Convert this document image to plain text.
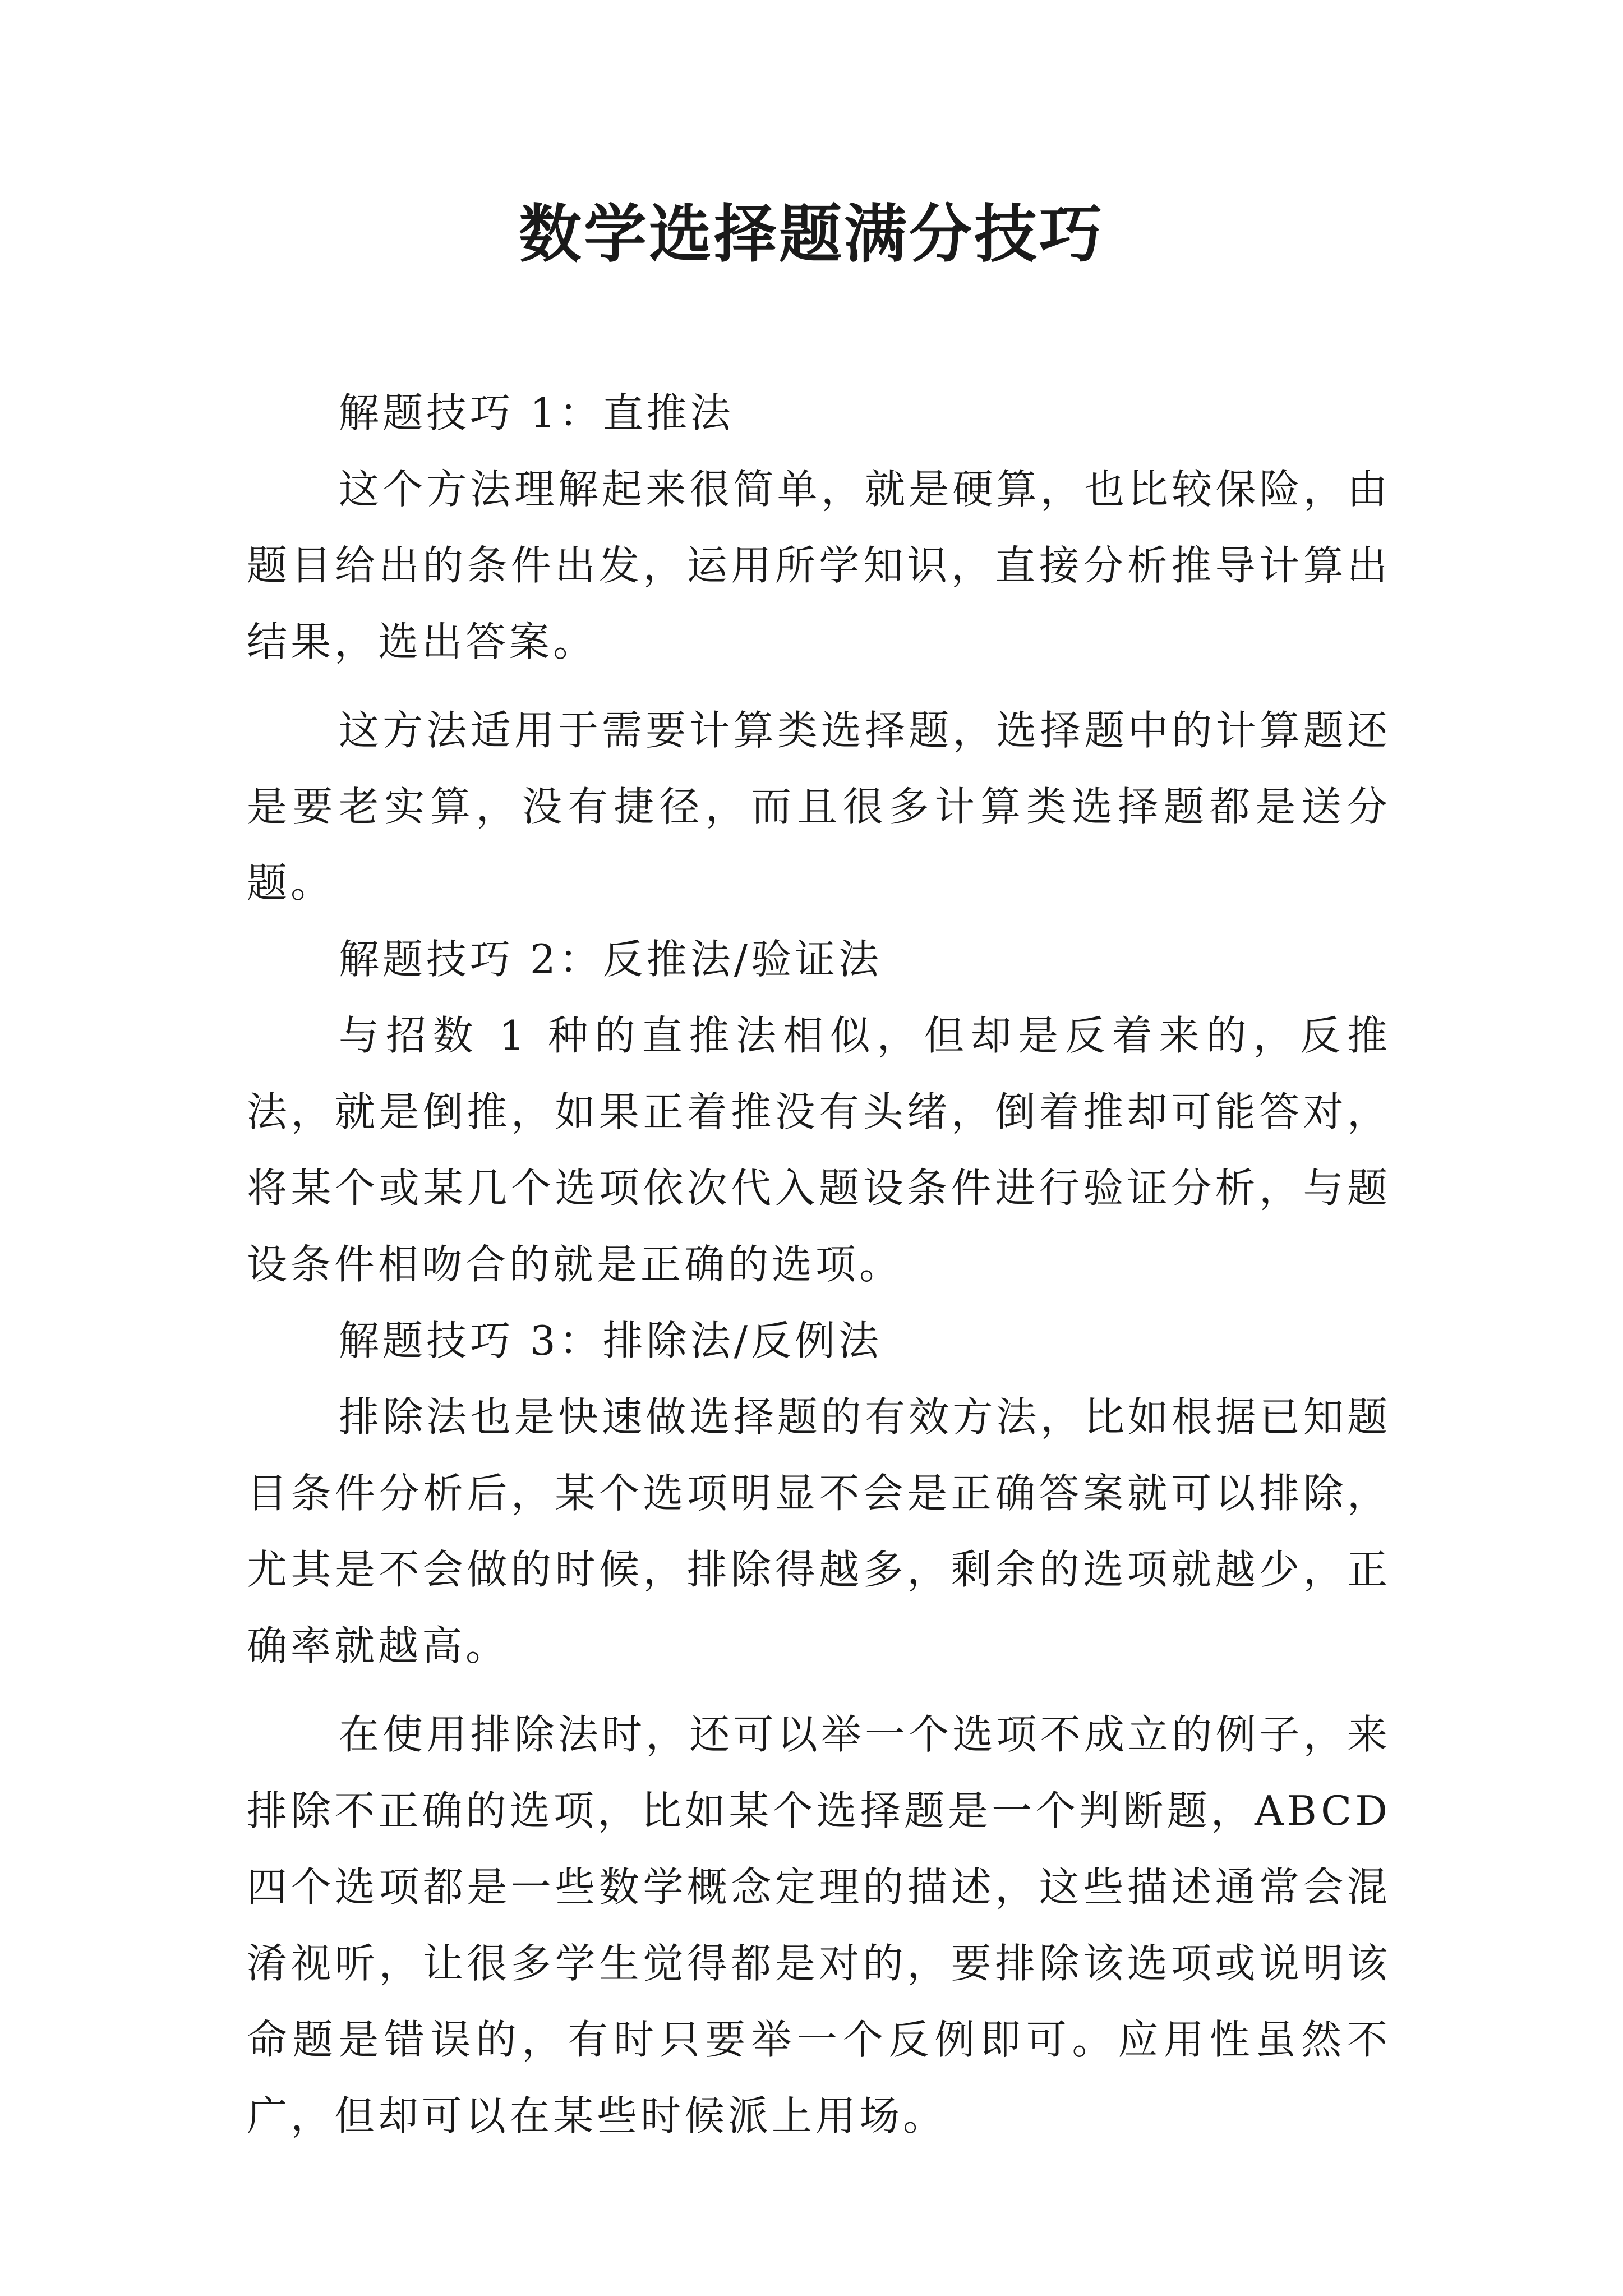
数学选择题满分技巧

解题技巧 1：直推法

这个方法理解起来很简单，就是硬算，也比较保险，由题目给出的条件出发，运用所学知识，直接分析推导计算出结果，选出答案。

这方法适用于需要计算类选择题，选择题中的计算题还是要老实算，没有捷径，而且很多计算类选择题都是送分题。

解题技巧 2：反推法/验证法

与招数 1 种的直推法相似，但却是反着来的，反推法，就是倒推，如果正着推没有头绪，倒着推却可能答对，将某个或某几个选项依次代入题设条件进行验证分析，与题设条件相吻合的就是正确的选项。

解题技巧 3：排除法/反例法

排除法也是快速做选择题的有效方法，比如根据已知题目条件分析后，某个选项明显不会是正确答案就可以排除，尤其是不会做的时候，排除得越多，剩余的选项就越少，正确率就越高。

在使用排除法时，还可以举一个选项不成立的例子，来排除不正确的选项，比如某个选择题是一个判断题，ABCD 四个选项都是一些数学概念定理的描述，这些描述通常会混淆视听，让很多学生觉得都是对的，要排除该选项或说明该命题是错误的，有时只要举一个反例即可。应用性虽然不广，但却可以在某些时候派上用场。
